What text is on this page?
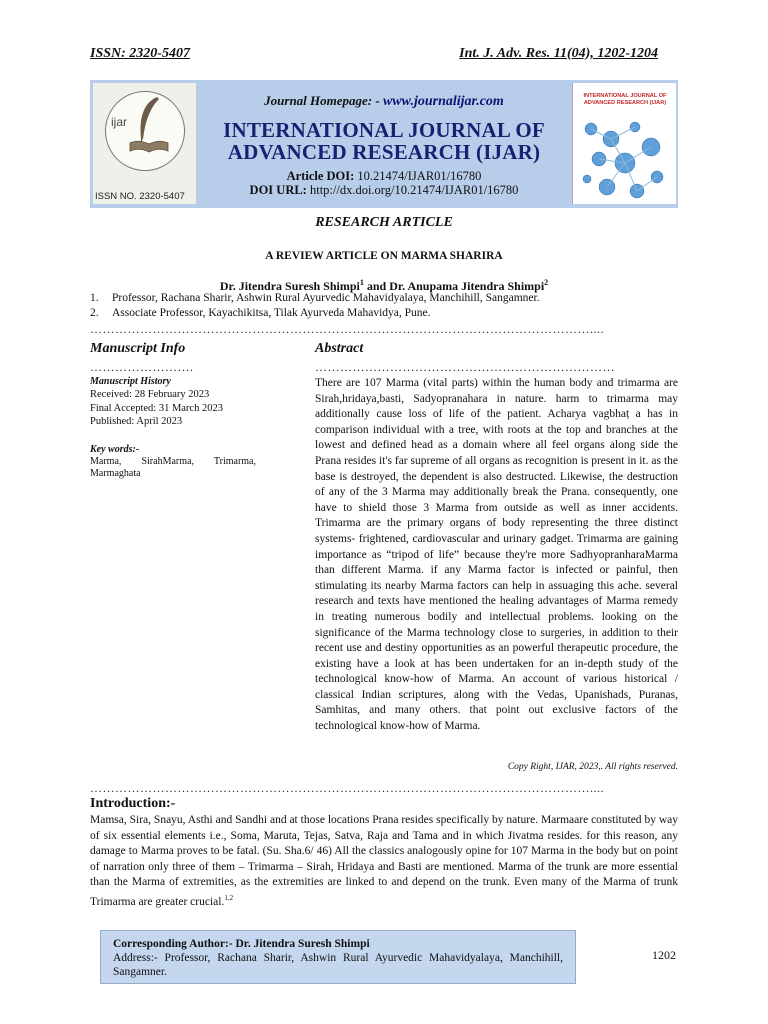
ISSN: 2320-5407	Int. J. Adv. Res. 11(04), 1202-1204
ijar
ISSN NO. 2320-5407
Journal Homepage: - www.journalijar.com
INTERNATIONAL JOURNAL OF
ADVANCED RESEARCH (IJAR)
Article DOI: 10.21474/IJAR01/16780
DOI URL: http://dx.doi.org/10.21474/IJAR01/16780
INTERNATIONAL JOURNAL OF ADVANCED RESEARCH (IJAR)
RESEARCH ARTICLE
A REVIEW ARTICLE ON MARMA SHARIRA
Dr. Jitendra Suresh Shimpi$^1$ and Dr. Anupama Jitendra Shimpi$^2$
1. Professor, Rachana Sharir, Ashwin Rural Ayurvedic Mahavidyalaya, Manchihill, Sangamner.
2. Associate Professor, Kayachikitsa, Tilak Ayurveda Mahavidya, Pune.
…………………………………………………………………………………………………………....
Manuscript Info
…………………….
Manuscript History
Received: 28 February 2023
Final Accepted: 31 March 2023
Published: April 2023
Key words:-
Marma, SirahMarma, Trimarma, Marmaghata
Abstract
………………………………………………………………
There are 107 Marma (vital parts) within the human body and trimarma are Sirah,hridaya,basti, Sadyopranahara in nature. harm to trimarma may additionally cause loss of life of the patient. Acharya vagbhaṭ a has in comparison individual with a tree, with roots at the top and branches at the lowest and defined head as a domain where all feel organs along side the Prana resides it's far supreme of all organs as recognition is present in it. as the base is destroyed, the dependent is also destructed. Likewise, the destruction of any of the 3 Marma may additionally break the Prana. consequently, one have to shield those 3 Marma from outside as well as inner accidents. Trimarma are the primary organs of body representing the three distinct systems- frightened, cardiovascular and urinary gadget. Trimarma are gaining importance as “tripod of life” because they're more SadhyopranharaMarma than different Marma. if any Marma factor is infected or painful, then stimulating its nearby Marma factors can help in assuaging this ache. several research and texts have mentioned the healing advantages of Marma remedy in treating numerous bodily and intellectual problems. looking on the significance of the Marma technology close to surgeries, in addition to their recent use and destiny opportunities as an powerful therapeutic procedure, the existing have a look at has been undertaken for an in-depth study of the technological know-how of Marma. An account of various historical / classical Indian scriptures, along with the Vedas, Upanishads, Puranas, Samhitas, and many others. that point out exclusive factors of the technological know-how of Marma.
Copy Right, IJAR, 2023,. All rights reserved.
…………………………………………………………………………………………………………....
Introduction:-
Mamsa, Sira, Snayu, Asthi and Sandhi and at those locations Prana resides specifically by nature. Marmaare constituted by way of six essential elements i.e., Soma, Maruta, Tejas, Satva, Raja and Tama and in which Jivatma resides. for this reason, any damage to Marma proves to be fatal. (Su. Sha.6/ 46) All the classics analogously opine for 107 Marma in the body but on point of narration only three of them – Trimarma – Sirah, Hridaya and Basti are mentioned. Marma of the trunk are more essential than the Marma of extremities, as the extremities are linked to and depend on the trunk. Even many of the Marma of trunk Trimarma are greater crucial.$^{1,2}$
Corresponding Author:- Dr. Jitendra Suresh Shimpi
Address:- Professor, Rachana Sharir, Ashwin Rural Ayurvedic Mahavidyalaya, Manchihill, Sangamner.
1202
